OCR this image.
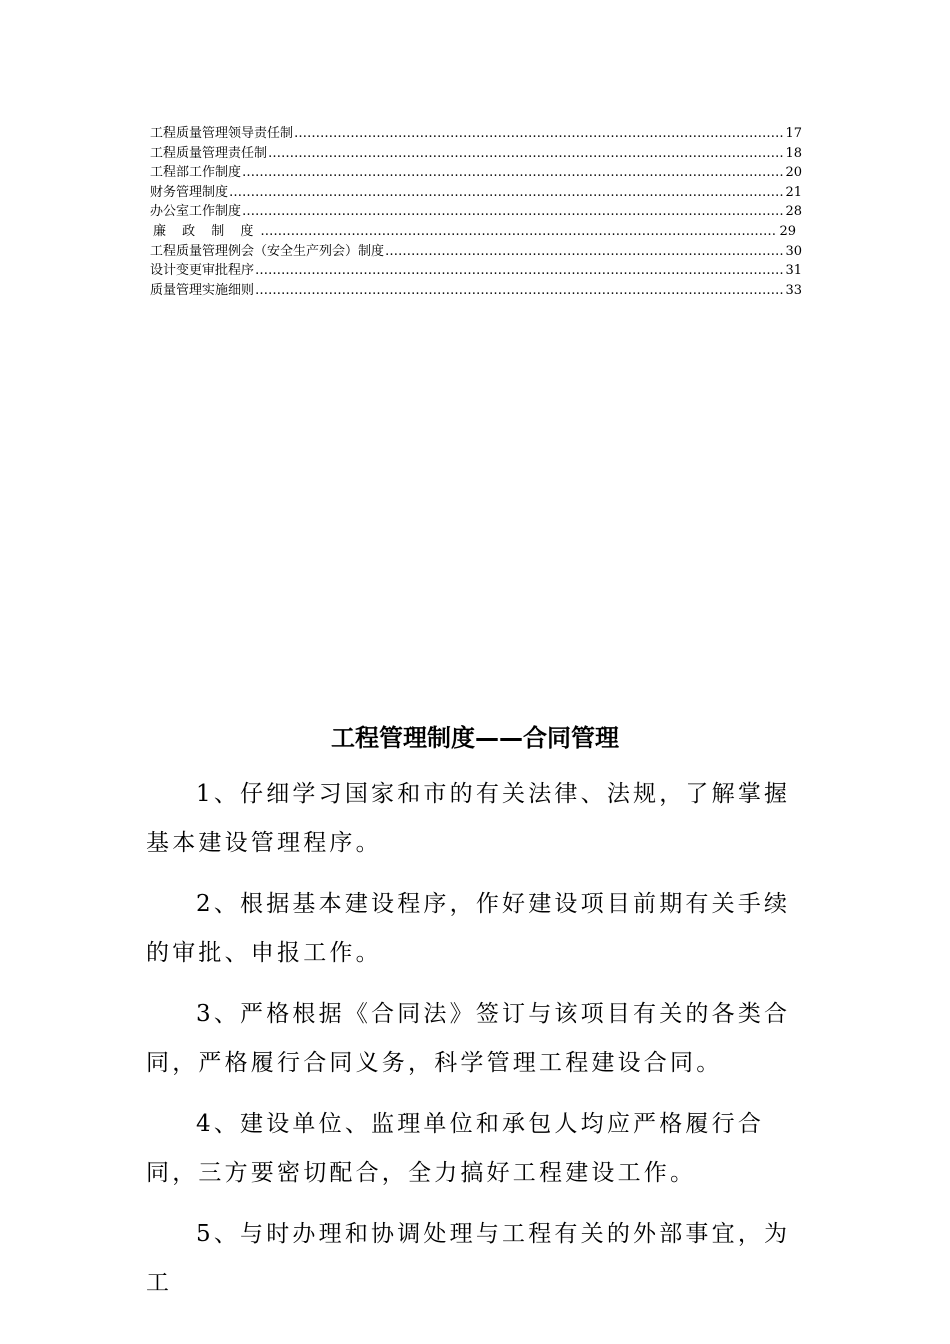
工程质量管理领导责任制 ………………………………………………………………………………………………………………………………………………………………………………………………………………………………………………………………………………………………………………………………………………………………………………………………………………………………………………………………………………………………………………………………………………………………………………………	17
工程质量管理责任制 ………………………………………………………………………………………………………………………………………………………………………………………………………………………………………………………………………………………………………………………………………………………………………………………………………………………………………………………………………………………………………………………………………………………………………………………	18
工程部工作制度 ………………………………………………………………………………………………………………………………………………………………………………………………………………………………………………………………………………………………………………………………………………………………………………………………………………………………………………………………………………………………………………………………………………………………………………………	20
财务管理制度 ………………………………………………………………………………………………………………………………………………………………………………………………………………………………………………………………………………………………………………………………………………………………………………………………………………………………………………………………………………………………………………………………………………………………………………………	21
办公室工作制度 ………………………………………………………………………………………………………………………………………………………………………………………………………………………………………………………………………………………………………………………………………………………………………………………………………………………………………………………………………………………………………………………………………………………………………………………	28
廉 政 制 度 ………………………………………………………………………………………………………………………………………………………………………………………………………………………………………………………………………………………………………………………………………………………………………………………………………………………………………………………………………………………………………………………………………………………………………………………	29
工程质量管理例会（安全生产列会）制度 ………………………………………………………………………………………………………………………………………………………………………………………………………………………………………………………………………………………………………………………………………………………………………………………………………………………………………………………………………………………………………………………………………………………………………………………	30
设计变更审批程序 ………………………………………………………………………………………………………………………………………………………………………………………………………………………………………………………………………………………………………………………………………………………………………………………………………………………………………………………………………………………………………………………………………………………………………………………	31
质量管理实施细则 ………………………………………………………………………………………………………………………………………………………………………………………………………………………………………………………………………………………………………………………………………………………………………………………………………………………………………………………………………………………………………………………………………………………………………………………	33
工程管理制度——合同管理

1、仔细学习国家和市的有关法律、法规，了解掌握基本建设管理程序。

2、根据基本建设程序，作好建设项目前期有关手续的审批、申报工作。

3、严格根据《合同法》签订与该项目有关的各类合同，严格履行合同义务，科学管理工程建设合同。

4、建设单位、监理单位和承包人均应严格履行合同，三方要密切配合，全力搞好工程建设工作。

5、与时办理和协调处理与工程有关的外部事宜，为工
